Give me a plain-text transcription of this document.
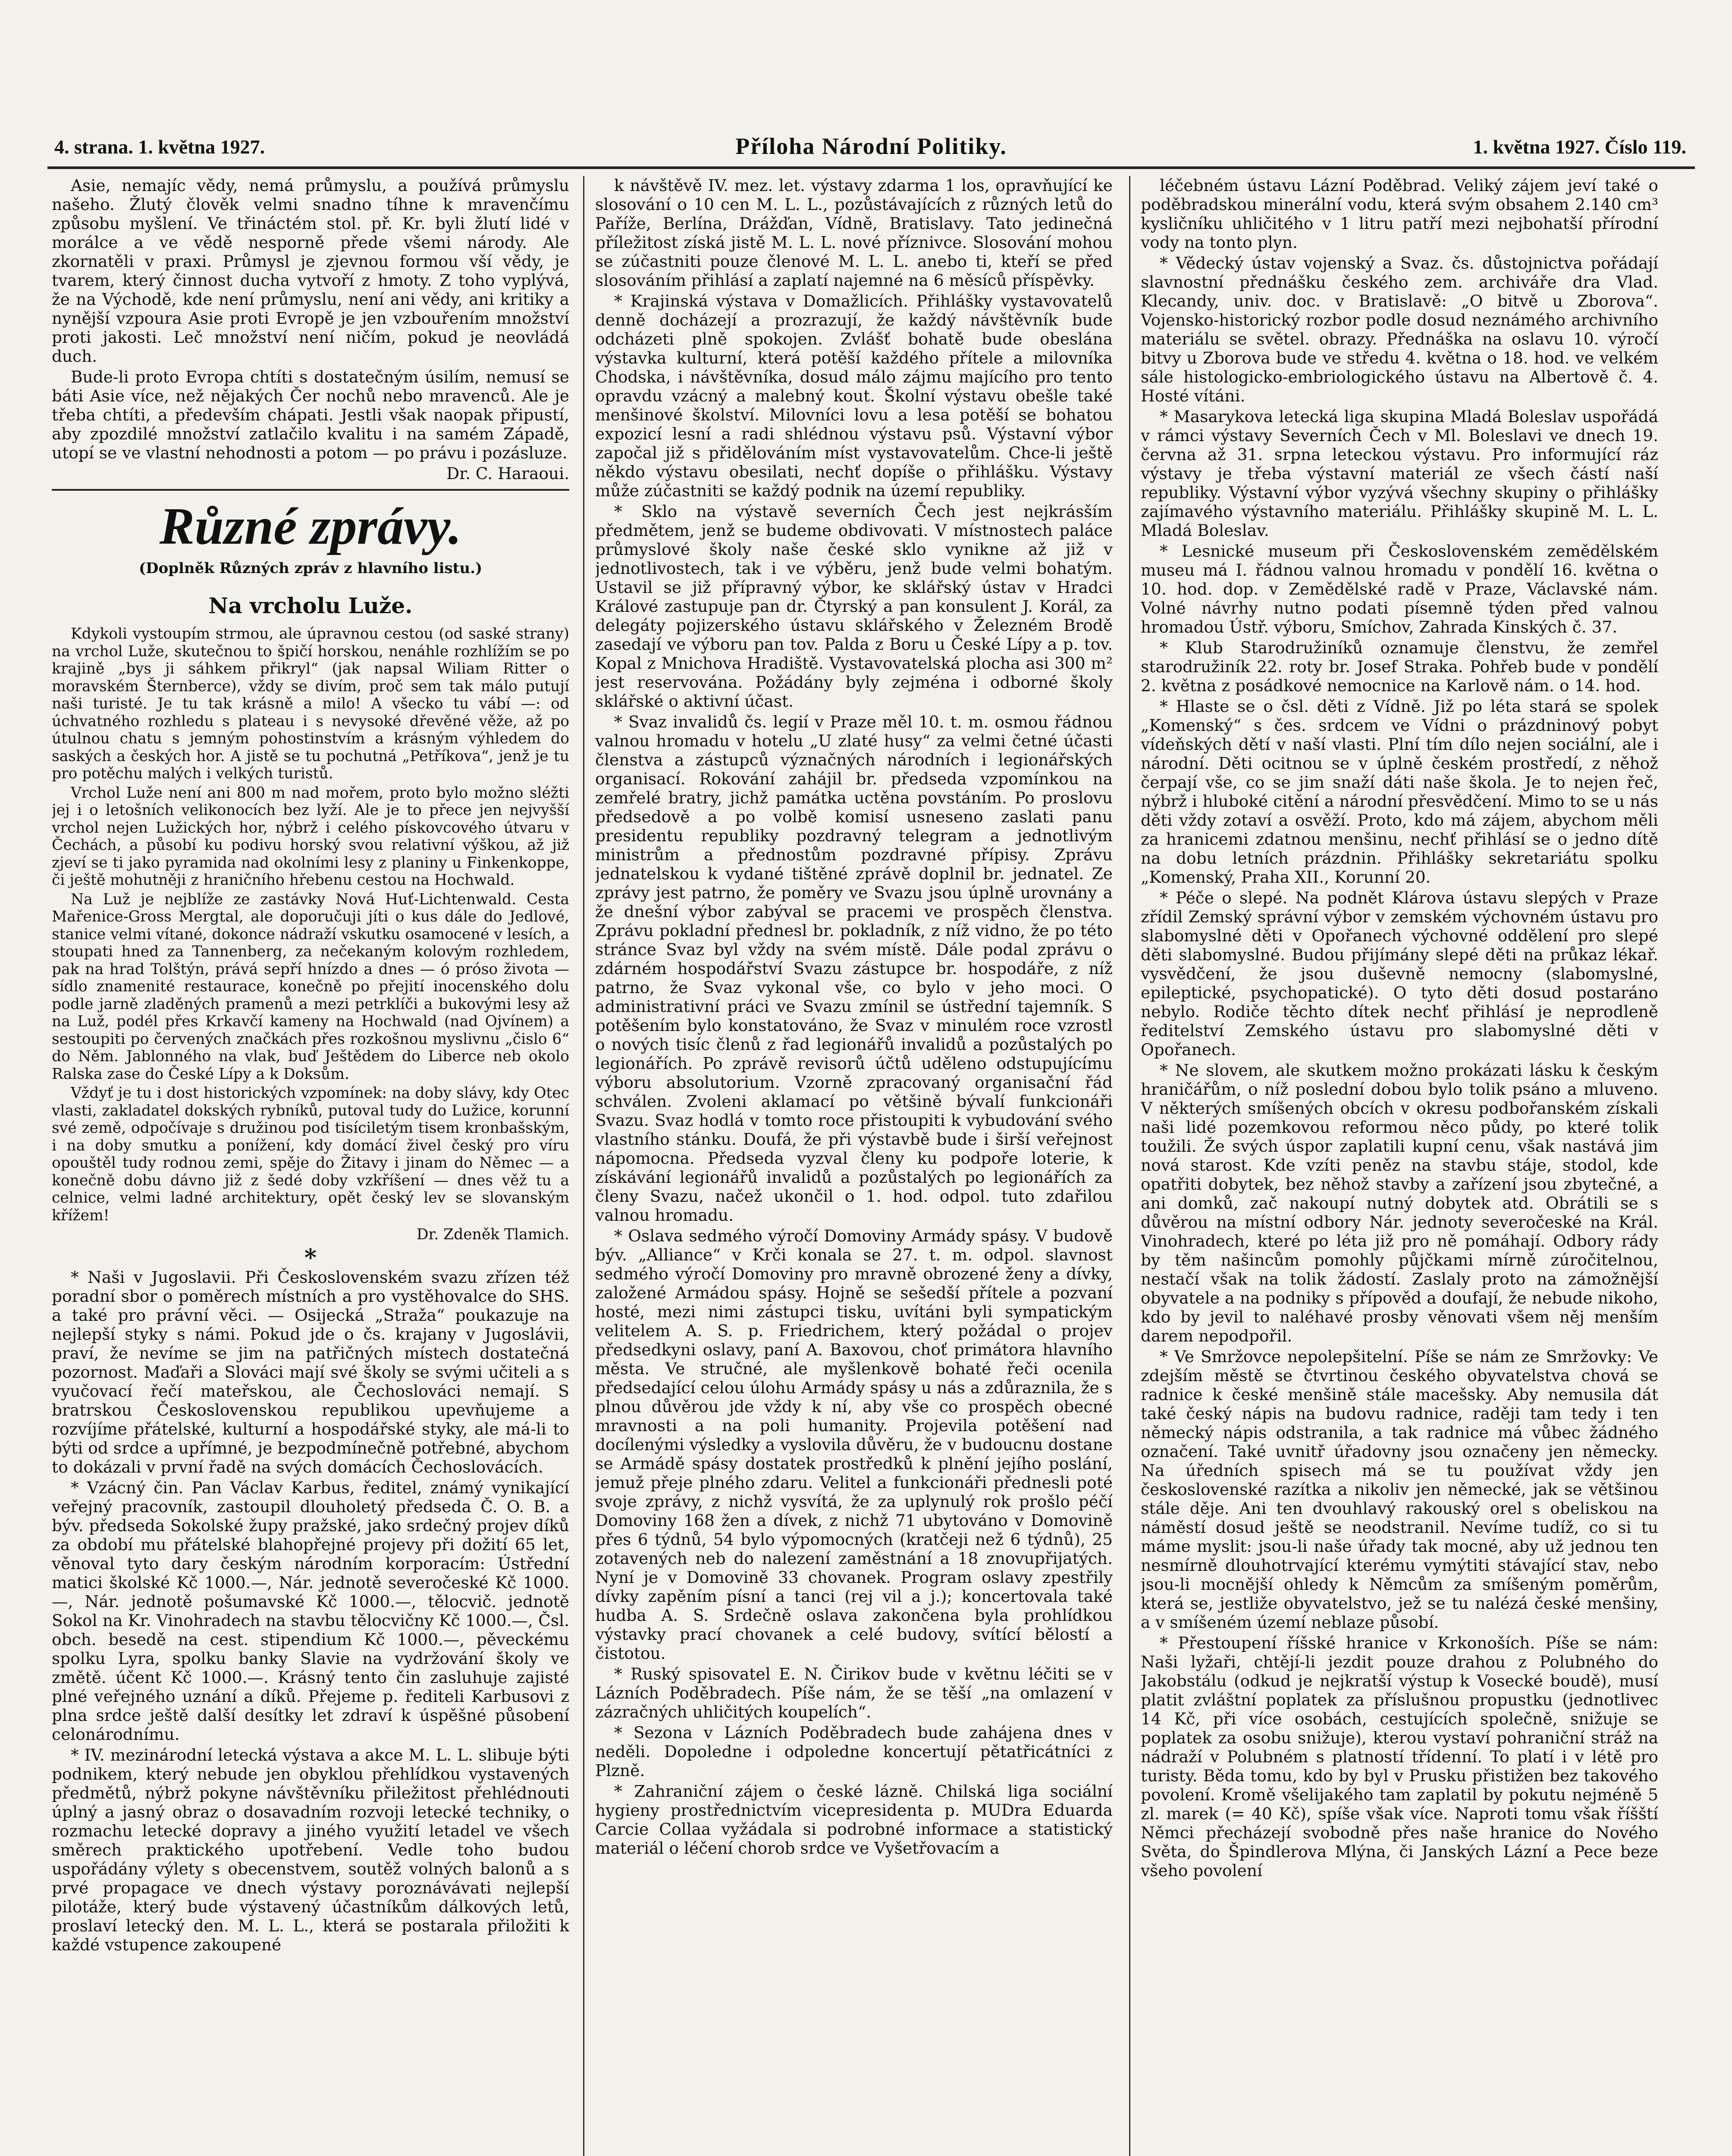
4. strana. 1. května 1927.	Příloha Národní Politiky.	1. května 1927. Číslo 119.

Asie, nemajíc vědy, nemá průmyslu, a používá průmyslu našeho. Žlutý člověk velmi snadno tíhne k mravenčímu způsobu myšlení. Ve třináctém stol. př. Kr. byli žlutí lidé v morálce a ve vědě nesporně přede všemi národy. Ale zkornatěli v praxi. Průmysl je zjevnou formou vší vědy, je tvarem, který činnost ducha vytvoří z hmoty. Z toho vyplývá, že na Východě, kde není průmyslu, není ani vědy, ani kritiky a nynější vzpoura Asie proti Evropě je jen vzbouřením množství proti jakosti. Leč množství není ničím, pokud je neovládá duch.

Bude-li proto Evropa chtíti s dostatečným úsilím, nemusí se báti Asie více, než nějakých Čer nochů nebo mravenců. Ale je třeba chtíti, a především chápati. Jestli však naopak připustí, aby zpozdilé množství zatlačilo kvalitu i na samém Západě, utopí se ve vlastní nehodnosti a potom — po právu i pozásluze.

Dr. C. Haraoui.
Různé zprávy.
(Doplněk Různých zpráv z hlavního listu.)
Na vrcholu Luže.

Kdykoli vystoupím strmou, ale úpravnou cestou (od saské strany) na vrchol Luže, skutečnou to špičí horskou, nenáhle rozhlížím se po krajině „bys ji sáhkem přikryl“ (jak napsal Wiliam Ritter o moravském Šternberce), vždy se divím, proč sem tak málo putují naši turisté. Je tu tak krásně a milo! A všecko tu vábí —: od úchvatného rozhledu s plateau i s nevysoké dřevěné věže, až po útulnou chatu s jemným pohostinstvím a krásným výhledem do saských a českých hor. A jistě se tu pochutná „Petříkova“, jenž je tu pro potěchu malých i velkých turistů.

Vrchol Luže není ani 800 m nad mořem, proto bylo možno sléžti jej i o letošních velikonocích bez lyží. Ale je to přece jen nejvyšší vrchol nejen Lužických hor, nýbrž i celého pískovcového útvaru v Čechách, a působí ku podivu horský svou relativní výškou, až již zjeví se ti jako pyramida nad okolními lesy z planiny u Finkenkoppe, či ještě mohutněji z hraničního hřebenu cestou na Hochwald.

Na Luž je nejblíže ze zastávky Nová Huť-Lichtenwald. Cesta Mařenice-Gross Mergtal, ale doporučuji jíti o kus dále do Jedlové, stanice velmi vítané, dokonce nádraží vskutku osamocené v lesích, a stoupati hned za Tannenberg, za nečekaným kolovým rozhledem, pak na hrad Tolštýn, prává sepří hnízdo a dnes — ó próso života — sídlo znamenité restaurace, konečně po přejití inocenského dolu podle jarně zladěných pramenů a mezi petrklíči a bukovými lesy až na Luž, podél přes Krkavčí kameny na Hochwald (nad Ojvínem) a sestoupiti po červených značkách přes rozkošnou myslivnu „čislo 6“ do Něm. Jablonného na vlak, buď Ještědem do Liberce neb okolo Ralska zase do České Lípy a k Doksům.

Vždyť je tu i dost historických vzpomínek: na doby slávy, kdy Otec vlasti, zakladatel dokských rybníků, putoval tudy do Lužice, korunní své země, odpočívaje s družinou pod tisíciletým tisem kronbašským, i na doby smutku a ponížení, kdy domácí živel český pro víru opouštěl tudy rodnou zemi, spěje do Žitavy i jinam do Němec — a konečně dobu dávno již z šedé doby vzkříšení — dnes věž tu a celnice, velmi ladné architektury, opět český lev se slovanským křížem!

Dr. Zdeněk Tlamich.
*

* Naši v Jugoslavii. Při Československém svazu zřízen též poradní sbor o poměrech místních a pro vystěhovalce do SHS. a také pro právní věci. — Osijecká „Straža“ poukazuje na nejlepší styky s námi. Pokud jde o čs. krajany v Jugoslávii, praví, že nevíme se jim na patřičných místech dostatečná pozornost. Maďaři a Slováci mají své školy se svými učiteli a s vyučovací řečí mateřskou, ale Čechoslováci nemají. S bratrskou Československou republikou upevňujeme a rozvíjíme přátelské, kulturní a hospodářské styky, ale má-li to býti od srdce a upřímné, je bezpodmínečně potřebné, abychom to dokázali v první řadě na svých domácích Čechoslovácích.

* Vzácný čin. Pan Václav Karbus, ředitel, známý vynikající veřejný pracovník, zastoupil dlouholetý předseda Č. O. B. a býv. předseda Sokolské župy pražské, jako srdečný projev díků za období mu přátelské blahopřejné projevy při dožití 65 let, věnoval tyto dary českým národním korporacím: Ústřední matici školské Kč 1000.—, Nár. jednotě severočeské Kč 1000.—, Nár. jednotě pošumavské Kč 1000.—, tělocvič. jednotě Sokol na Kr. Vinohradech na stavbu tělocvičny Kč 1000.—, Čsl. obch. besedě na cest. stipendium Kč 1000.—, pěveckému spolku Lyra, spolku banky Slavie na vydržování školy ve změtě. účent Kč 1000.—. Krásný tento čin zasluhuje zajisté plné veřejného uznání a díků. Přejeme p. řediteli Karbusovi z plna srdce ještě další desítky let zdraví k úspěšné působení celonárodnímu.

* IV. mezinárodní letecká výstava a akce M. L. L. slibuje býti podnikem, který nebude jen obyklou přehlídkou vystavených předmětů, nýbrž pokyne návštěvníku přiležitost přehlédnouti úplný a jasný obraz o dosavadním rozvoji letecké techniky, o rozmachu letecké dopravy a jiného využití letadel ve všech směrech praktického upotřebení. Vedle toho budou uspořádány výlety s obecenstvem, soutěž volných balonů a s prvé propagace ve dnech výstavy poroznávávati nejlepší pilotáže, který bude výstavený účastníkům dálkových letů, proslaví letecký den. M. L. L., která se postarala přiložiti k každé vstupence zakoupené

k návštěvě IV. mez. let. výstavy zdarma 1 los, opravňující ke slosování o 10 cen M. L. L., pozůstávajících z různých letů do Paříže, Berlína, Drážďan, Vídně, Bratislavy. Tato jedinečná příležitost získá jistě M. L. L. nové příznivce. Slosování mohou se zúčastniti pouze členové M. L. L. anebo ti, kteří se před slosováním přihlásí a zaplatí najemné na 6 měsíců příspěvky.

* Krajinská výstava v Domažlicích. Přihlášky vystavovatelů denně docházejí a prozrazují, že každý návštěvník bude odcházeti plně spokojen. Zvlášť bohatě bude obeslána výstavka kulturní, která potěší každého přítele a milovníka Chodska, i návštěvníka, dosud málo zájmu majícího pro tento opravdu vzácný a malebný kout. Školní výstavu obešle také menšinové školství. Milovníci lovu a lesa potěší se bohatou expozicí lesní a radi shlédnou výstavu psů. Výstavní výbor započal již s přidělováním míst vystavovatelům. Chce-li ještě někdo výstavu obesilati, nechť dopíše o přihlášku. Výstavy může zúčastniti se každý podnik na území republiky.

* Sklo na výstavě severních Čech jest nejkrásším předmětem, jenž se budeme obdivovati. V místnostech paláce průmyslové školy naše české sklo vynikne až již v jednotlivostech, tak i ve výběru, jenž bude velmi bohatým. Ustavil se již přípravný výbor, ke sklářský ústav v Hradci Králové zastupuje pan dr. Čtyrský a pan konsulent J. Korál, za delegáty pojizerského ústavu sklářského v Železném Brodě zasedají ve výboru pan tov. Palda z Boru u České Lípy a p. tov. Kopal z Mnichova Hradiště. Vystavovatelská plocha asi 300 m² jest reservována. Požádány byly zejména i odborné školy sklářské o aktivní účast.

* Svaz invalidů čs. legií v Praze měl 10. t. m. osmou řádnou valnou hromadu v hotelu „U zlaté husy“ za velmi četné účasti členstva a zástupců význačných národních i legionářských organisací. Rokování zahájil br. předseda vzpomínkou na zemřelé bratry, jichž památka uctěna povstáním. Po proslovu předsedově a po volbě komisí usneseno zaslati panu presidentu republiky pozdravný telegram a jednotlivým ministrům a přednostům pozdravné přípisy. Zprávu jednatelskou k vydané tištěné zprávě doplnil br. jednatel. Ze zprávy jest patrno, že poměry ve Svazu jsou úplně urovnány a že dnešní výbor zabýval se pracemi ve prospěch členstva. Zprávu pokladní přednesl br. pokladník, z níž vidno, že po této stránce Svaz byl vždy na svém místě. Dále podal zprávu o zdárném hospodářství Svazu zástupce br. hospodáře, z níž patrno, že Svaz vykonal vše, co bylo v jeho moci. O administrativní práci ve Svazu zmínil se ústřední tajemník. S potěšením bylo konstatováno, že Svaz v minulém roce vzrostl o nových tisíc členů z řad legionářů invalidů a pozůstalých po legionářích. Po zprávě revisorů účtů uděleno odstupujícímu výboru absolutorium. Vzorně zpracovaný organisační řád schválen. Zvoleni aklamací po většině bývalí funkcionáři Svazu. Svaz hodlá v tomto roce přistoupiti k vybudování svého vlastního stánku. Doufá, že při výstavbě bude i širší veřejnost nápomocna. Předseda vyzval členy ku podpoře loterie, k získávání legionářů invalidů a pozůstalých po legionářích za členy Svazu, načež ukončil o 1. hod. odpol. tuto zdařilou valnou hromadu.

* Oslava sedmého výročí Domoviny Armády spásy. V budově býv. „Alliance“ v Krči konala se 27. t. m. odpol. slavnost sedmého výročí Domoviny pro mravně obrozené ženy a dívky, založené Armádou spásy. Hojně se sešedší přítele a pozvaní hosté, mezi nimi zástupci tisku, uvítáni byli sympatickým velitelem A. S. p. Friedrichem, který požádal o projev předsedkyni oslavy, paní A. Baxovou, choť primátora hlavního města. Ve stručné, ale myšlenkově bohaté řeči ocenila předsedající celou úlohu Armády spásy u nás a zdůraznila, že s plnou důvěrou jde vždy k ní, aby vše co prospěch obecné mravnosti a na poli humanity. Projevila potěšení nad docílenými výsledky a vyslovila důvěru, že v budoucnu dostane se Armádě spásy dostatek prostředků k plnění jejího poslání, jemuž přeje plného zdaru. Velitel a funkcionáři přednesli poté svoje zprávy, z nichž vysvítá, že za uplynulý rok prošlo péčí Domoviny 168 žen a dívek, z nichž 71 ubytováno v Domovině přes 6 týdnů, 54 bylo výpomocných (kratčeji než 6 týdnů), 25 zotavených neb do nalezení zaměstnání a 18 znovupřijatých. Nyní je v Domovině 33 chovanek. Program oslavy zpestřily dívky zapěním písní a tanci (rej vil a j.); koncertovala také hudba A. S. Srdečně oslava zakončena byla prohlídkou výstavky prací chovanek a celé budovy, svítící bělostí a čistotou.

* Ruský spisovatel E. N. Čirikov bude v květnu léčiti se v Lázních Poděbradech. Píše nám, že se těší „na omlazení v zázračných uhličitých koupelích“.

* Sezona v Lázních Poděbradech bude zahájena dnes v neděli. Dopoledne i odpoledne koncertují pětatřicátníci z Plzně.

* Zahraniční zájem o české lázně. Chilská liga sociální hygieny prostřednictvím vicepresidenta p. MUDra Eduarda Carcie Collaa vyžádala si podrobné informace a statistický materiál o léčení chorob srdce ve Vyšetřovacím a

léčebném ústavu Lázní Poděbrad. Veliký zájem jeví také o poděbradskou minerální vodu, která svým obsahem 2.140 cm³ kysličníku uhličitého v 1 litru patří mezi nejbohatší přírodní vody na tonto plyn.

* Vědecký ústav vojenský a Svaz. čs. důstojnictva pořádají slavnostní přednášku českého zem. archiváře dra Vlad. Klecandy, univ. doc. v Bratislavě: „O bitvě u Zborova“. Vojensko-historický rozbor podle dosud neznámého archivního materiálu se světel. obrazy. Přednáška na oslavu 10. výročí bitvy u Zborova bude ve středu 4. května o 18. hod. ve velkém sále histologicko-embriologického ústavu na Albertově č. 4. Hosté vítáni.

* Masarykova letecká liga skupina Mladá Boleslav uspořádá v rámci výstavy Severních Čech v Ml. Boleslavi ve dnech 19. června až 31. srpna leteckou výstavu. Pro informující ráz výstavy je třeba výstavní materiál ze všech částí naší republiky. Výstavní výbor vyzývá všechny skupiny o přihlášky zajímavého výstavního materiálu. Přihlášky skupině M. L. L. Mladá Boleslav.

* Lesnické museum při Československém zemědělském museu má I. řádnou valnou hromadu v pondělí 16. května o 10. hod. dop. v Zemědělské radě v Praze, Václavské nám. Volné návrhy nutno podati písemně týden před valnou hromadou Ústř. výboru, Smíchov, Zahrada Kinských č. 37.

* Klub Starodružiníků oznamuje členstvu, že zemřel starodružiník 22. roty br. Josef Straka. Pohřeb bude v pondělí 2. května z posádkové nemocnice na Karlově nám. o 14. hod.

* Hlaste se o čsl. děti z Vídně. Již po léta stará se spolek „Komenský“ s čes. srdcem ve Vídni o prázdninový pobyt vídeňských dětí v naší vlasti. Plní tím dílo nejen sociální, ale i národní. Děti ocitnou se v úplně českém prostředí, z něhož čerpají vše, co se jim snaží dáti naše škola. Je to nejen řeč, nýbrž i hluboké citění a národní přesvědčení. Mimo to se u nás děti vždy zotaví a osvěží. Proto, kdo má zájem, abychom měli za hranicemi zdatnou menšinu, nechť přihlásí se o jedno dítě na dobu letních prázdnin. Přihlášky sekretariátu spolku „Komenský, Praha XII., Korunní 20.

* Péče o slepé. Na podnět Klárova ústavu slepých v Praze zřídil Zemský správní výbor v zemském výchovném ústavu pro slabomyslné děti v Opořanech výchovné oddělení pro slepé děti slabomyslné. Budou přijímány slepé děti na průkaz lékař. vysvědčení, že jsou duševně nemocny (slabomyslné, epileptické, psychopatické). O tyto děti dosud postaráno nebylo. Rodiče těchto dítek nechť přihlásí je neprodleně ředitelství Zemského ústavu pro slabomyslné děti v Opořanech.

* Ne slovem, ale skutkem možno prokázati lásku k českým hraničářům, o níž poslední dobou bylo tolik psáno a mluveno. V některých smíšených obcích v okresu podbořanském získali naši lidé pozemkovou reformou něco půdy, po které tolik toužili. Že svých úspor zaplatili kupní cenu, však nastává jim nová starost. Kde vzíti peněz na stavbu stáje, stodol, kde opatřiti dobytek, bez něhož stavby a zařízení jsou zbytečné, a ani domků, zač nakoupí nutný dobytek atd. Obrátili se s důvěrou na místní odbory Nár. jednoty severočeské na Král. Vinohradech, které po léta již pro ně pomáhají. Odbory rády by těm našincům pomohly půjčkami mírně zúročitelnou, nestačí však na tolik žádostí. Zaslaly proto na zámožnější obyvatele a na podniky s přípověd a doufají, že nebude nikoho, kdo by jevil to naléhavé prosby věnovati všem něj menším darem nepodpořil.

* Ve Smržovce nepolepšitelní. Píše se nám ze Smržovky: Ve zdejším městě se čtvrtinou českého obyvatelstva chová se radnice k české menšině stále macešsky. Aby nemusila dát také český nápis na budovu radnice, raději tam tedy i ten německý nápis odstranila, a tak radnice má vůbec žádného označení. Také uvnitř úřadovny jsou označeny jen německy. Na úředních spisech má se tu používat vždy jen československé razítka a nikoliv jen německé, jak se většinou stále děje. Ani ten dvouhlavý rakouský orel s obeliskou na náměstí dosud ještě se neodstranil. Nevíme tudíž, co si tu máme myslit: jsou-li naše úřady tak mocné, aby už jednou ten nesmírně dlouhotrvající kterému vymýtiti stávající stav, nebo jsou-li mocnější ohledy k Němcům za smíšeným poměrům, která se, jestliže obyvatelstvo, jež se tu nalézá české menšiny, a v smíšeném území neblaze působí.

* Přestoupení říšské hranice v Krkonoších. Píše se nám: Naši lyžaři, chtějí-li jezdit pouze drahou z Polubného do Jakobstálu (odkud je nejkratší výstup k Vosecké boudě), musí platit zvláštní poplatek za příslušnou propustku (jednotlivec 14 Kč, při více osobách, cestujících společně, snižuje se poplatek za osobu snižuje), kterou vystaví pohraniční stráž na nádraží v Polubném s platností třídenní. To platí i v létě pro turisty. Běda tomu, kdo by byl v Prusku přistižen bez takového povolení. Kromě všelijakého tam zaplatil by pokutu nejméně 5 zl. marek (= 40 Kč), spíše však více. Naproti tomu však říšští Němci přecházejí svobodně přes naše hranice do Nového Světa, do Špindlerova Mlýna, či Janských Lázní a Pece beze všeho povolení
